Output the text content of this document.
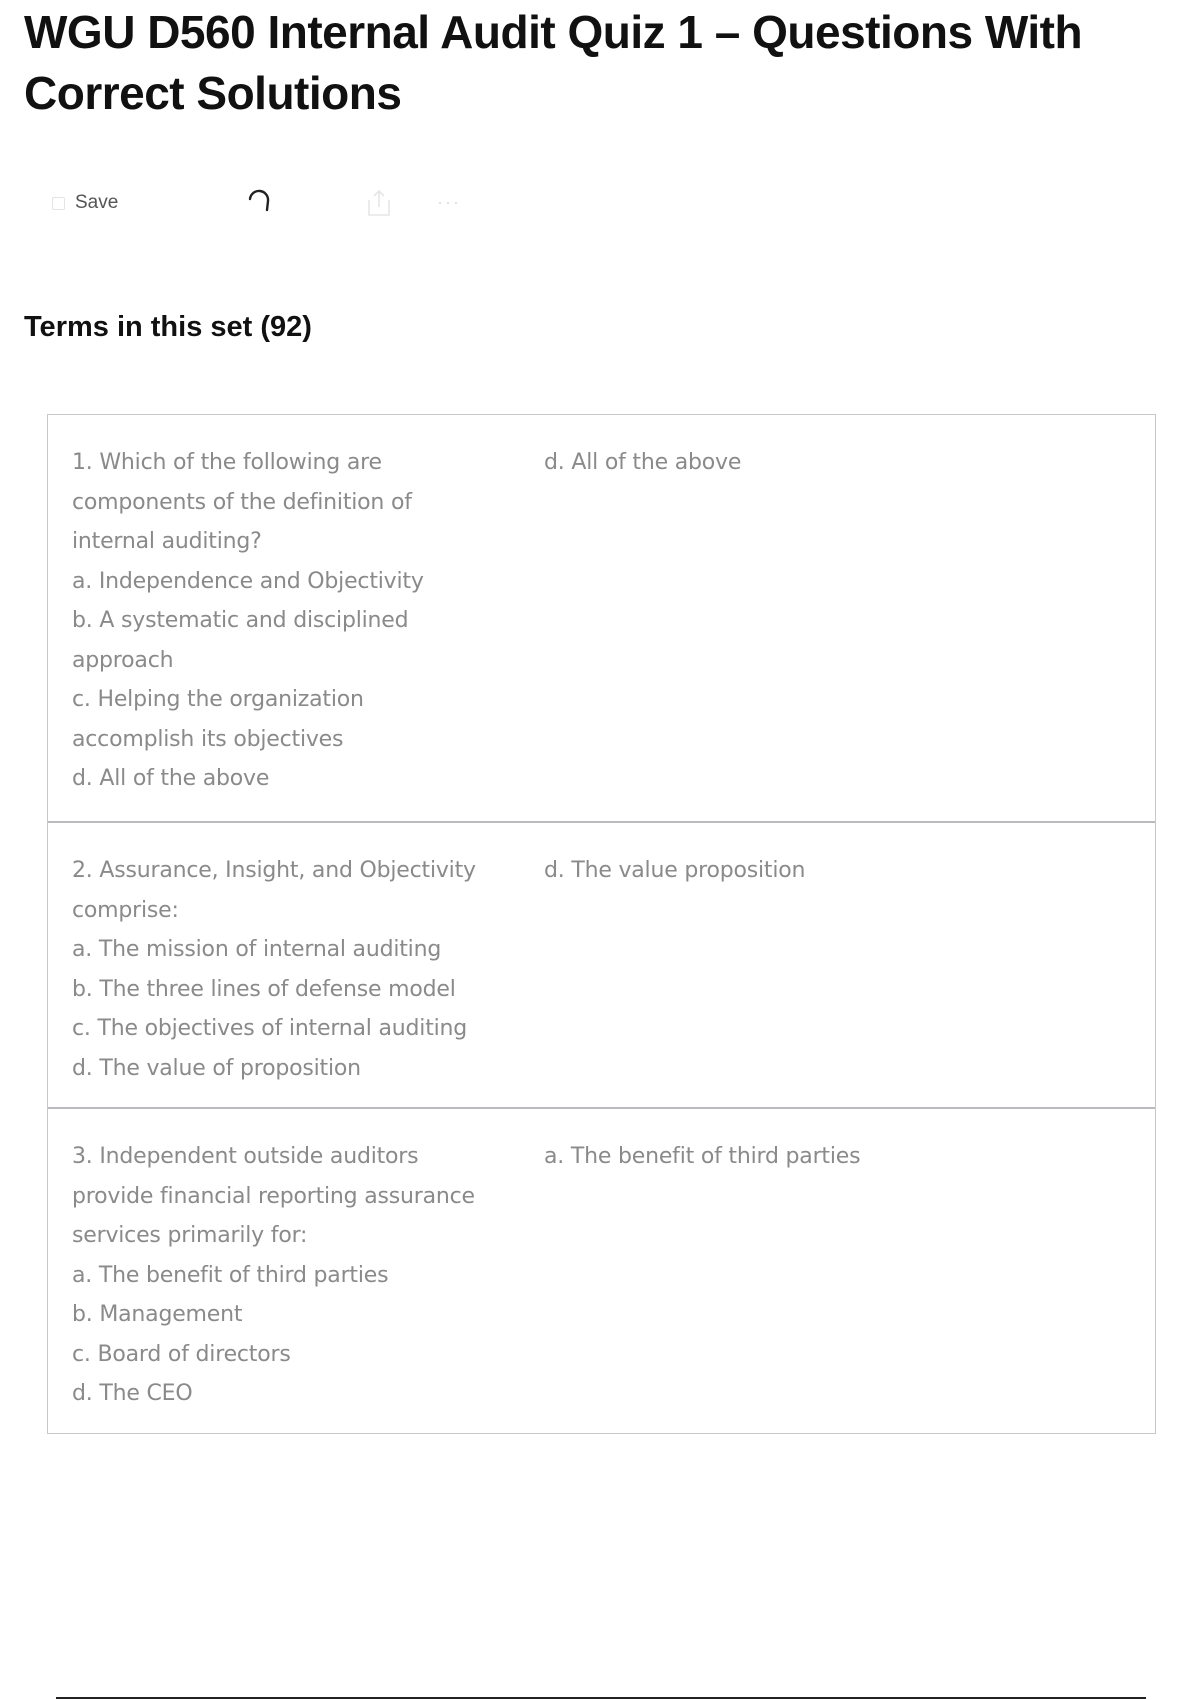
WGU D560 Internal Audit Quiz 1 – Questions With
Correct Solutions
Save	···
Terms in this set (92)
1. Which of the following are
components of the definition of
internal auditing?
a. Independence and Objectivity
b. A systematic and disciplined
approach
c. Helping the organization
accomplish its objectives
d. All of the above
d. All of the above
2. Assurance, Insight, and Objectivity
comprise:
a. The mission of internal auditing
b. The three lines of defense model
c. The objectives of internal auditing
d. The value of proposition
d. The value proposition
3. Independent outside auditors
provide financial reporting assurance
services primarily for:
a. The benefit of third parties
b. Management
c. Board of directors
d. The CEO
a. The benefit of third parties
